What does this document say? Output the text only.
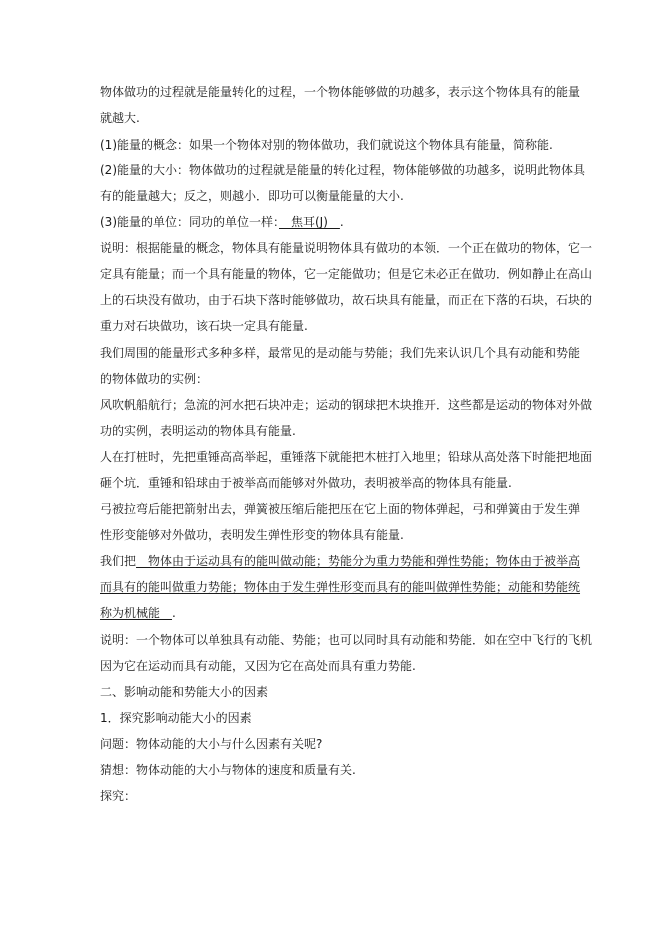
物体做功的过程就是能量转化的过程，一个物体能够做的功越多，表示这个物体具有的能量
就越大.
(1)能量的概念：如果一个物体对别的物体做功，我们就说这个物体具有能量，简称能.
(2)能量的大小：物体做功的过程就是能量的转化过程，物体能够做的功越多，说明此物体具
有的能量越大；反之，则越小．即功可以衡量能量的大小.
(3)能量的单位：同功的单位一样：　焦耳(J)　.
说明：根据能量的概念，物体具有能量说明物体具有做功的本领．一个正在做功的物体，它一
定具有能量；而一个具有能量的物体，它一定能做功；但是它未必正在做功．例如静止在高山
上的石块没有做功，由于石块下落时能够做功，故石块具有能量，而正在下落的石块，石块的
重力对石块做功，该石块一定具有能量.
我们周围的能量形式多种多样，最常见的是动能与势能；我们先来认识几个具有动能和势能
的物体做功的实例：
风吹帆船航行；急流的河水把石块冲走；运动的钢球把木块推开．这些都是运动的物体对外做
功的实例，表明运动的物体具有能量.
人在打桩时，先把重锤高高举起，重锤落下就能把木桩打入地里；铅球从高处落下时能把地面
砸个坑．重锤和铅球由于被举高而能够对外做功，表明被举高的物体具有能量.
弓被拉弯后能把箭射出去，弹簧被压缩后能把压在它上面的物体弹起，弓和弹簧由于发生弹
性形变能够对外做功，表明发生弹性形变的物体具有能量.
我们把　物体由于运动具有的能叫做动能；势能分为重力势能和弹性势能；物体由于被举高
而具有的能叫做重力势能；物体由于发生弹性形变而具有的能叫做弹性势能；动能和势能统
称为机械能　.
说明：一个物体可以单独具有动能、势能；也可以同时具有动能和势能．如在空中飞行的飞机
因为它在运动而具有动能，又因为它在高处而具有重力势能.
二、影响动能和势能大小的因素
1．探究影响动能大小的因素
问题：物体动能的大小与什么因素有关呢?
猜想：物体动能的大小与物体的速度和质量有关.
探究：
